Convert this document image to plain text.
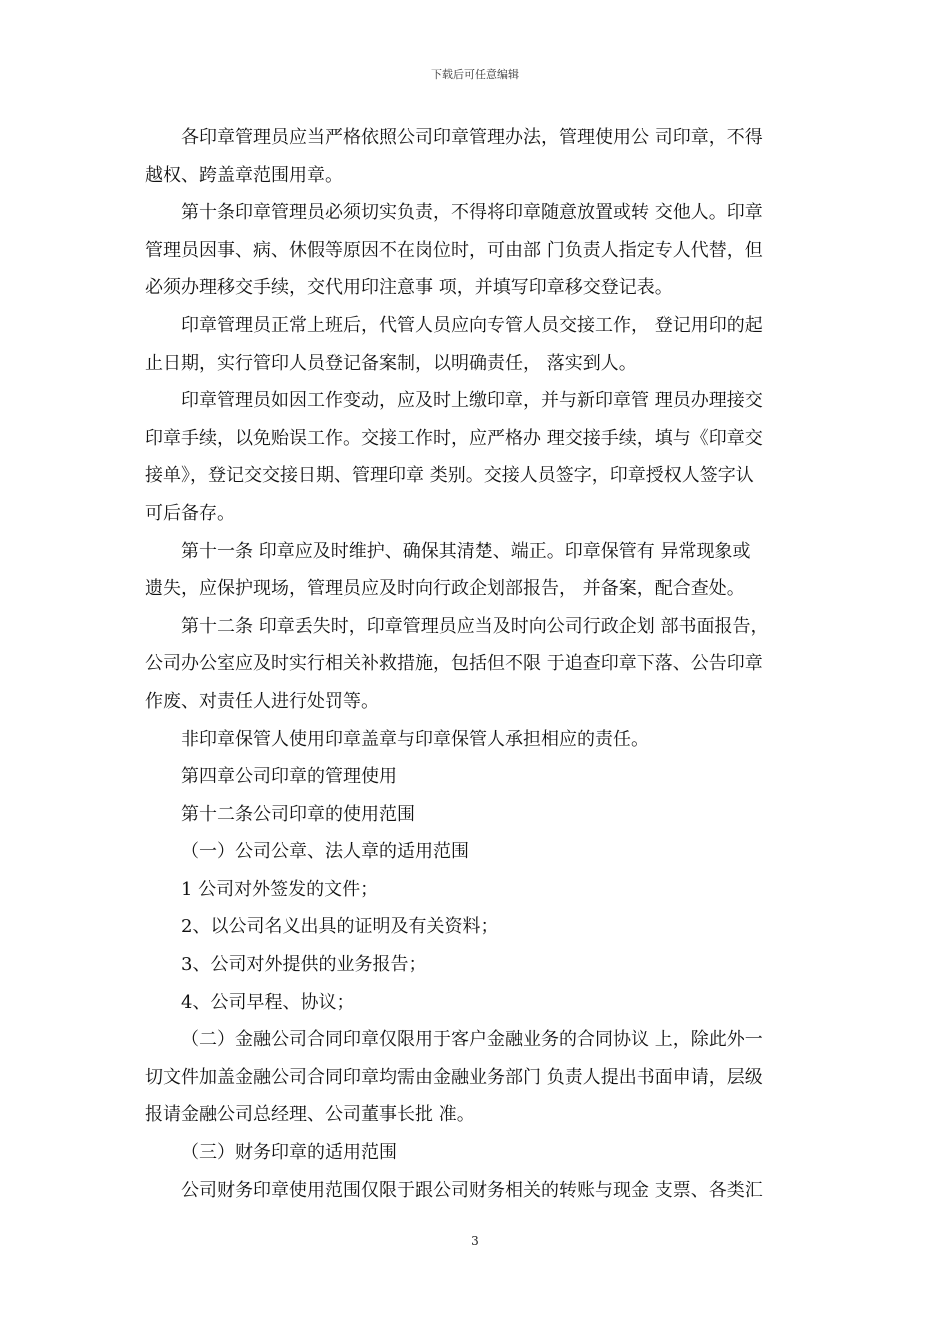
下载后可任意编辑

各印章管理员应当严格依照公司印章管理办法，管理使用公 司印章，不得

越权、跨盖章范围用章。

第十条印章管理员必须切实负责，不得将印章随意放置或转 交他人。印章

管理员因事、病、休假等原因不在岗位时，可由部 门负责人指定专人代替，但

必须办理移交手续，交代用印注意事 项，并填写印章移交登记表。

印章管理员正常上班后，代管人员应向专管人员交接工作， 登记用印的起

止日期，实行管印人员登记备案制，以明确责任， 落实到人。

印章管理员如因工作变动，应及时上缴印章，并与新印章管 理员办理接交

印章手续，以免贻误工作。交接工作时，应严格办 理交接手续，填与《印章交

接单》，登记交交接日期、管理印章 类别。交接人员签字，印章授权人签字认

可后备存。

第十一条 印章应及时维护、确保其清楚、端正。印章保管有 异常现象或

遗失，应保护现场，管理员应及时向行政企划部报告， 并备案，配合查处。

第十二条 印章丢失时，印章管理员应当及时向公司行政企划 部书面报告，

公司办公室应及时实行相关补救措施，包括但不限 于追查印章下落、公告印章

作废、对责任人进行处罚等。

非印章保管人使用印章盖章与印章保管人承担相应的责任。

第四章公司印章的管理使用

第十二条公司印章的使用范围

（一）公司公章、法人章的适用范围

1 公司对外签发的文件；

2、以公司名义出具的证明及有关资料；

3、公司对外提供的业务报告；

4、公司早程、协议；

（二）金融公司合同印章仅限用于客户金融业务的合同协议 上，除此外一

切文件加盖金融公司合同印章均需由金融业务部门 负责人提出书面申请，层级

报请金融公司总经理、公司董事长批 准。

（三）财务印章的适用范围

公司财务印章使用范围仅限于跟公司财务相关的转账与现金 支票、各类汇

3
